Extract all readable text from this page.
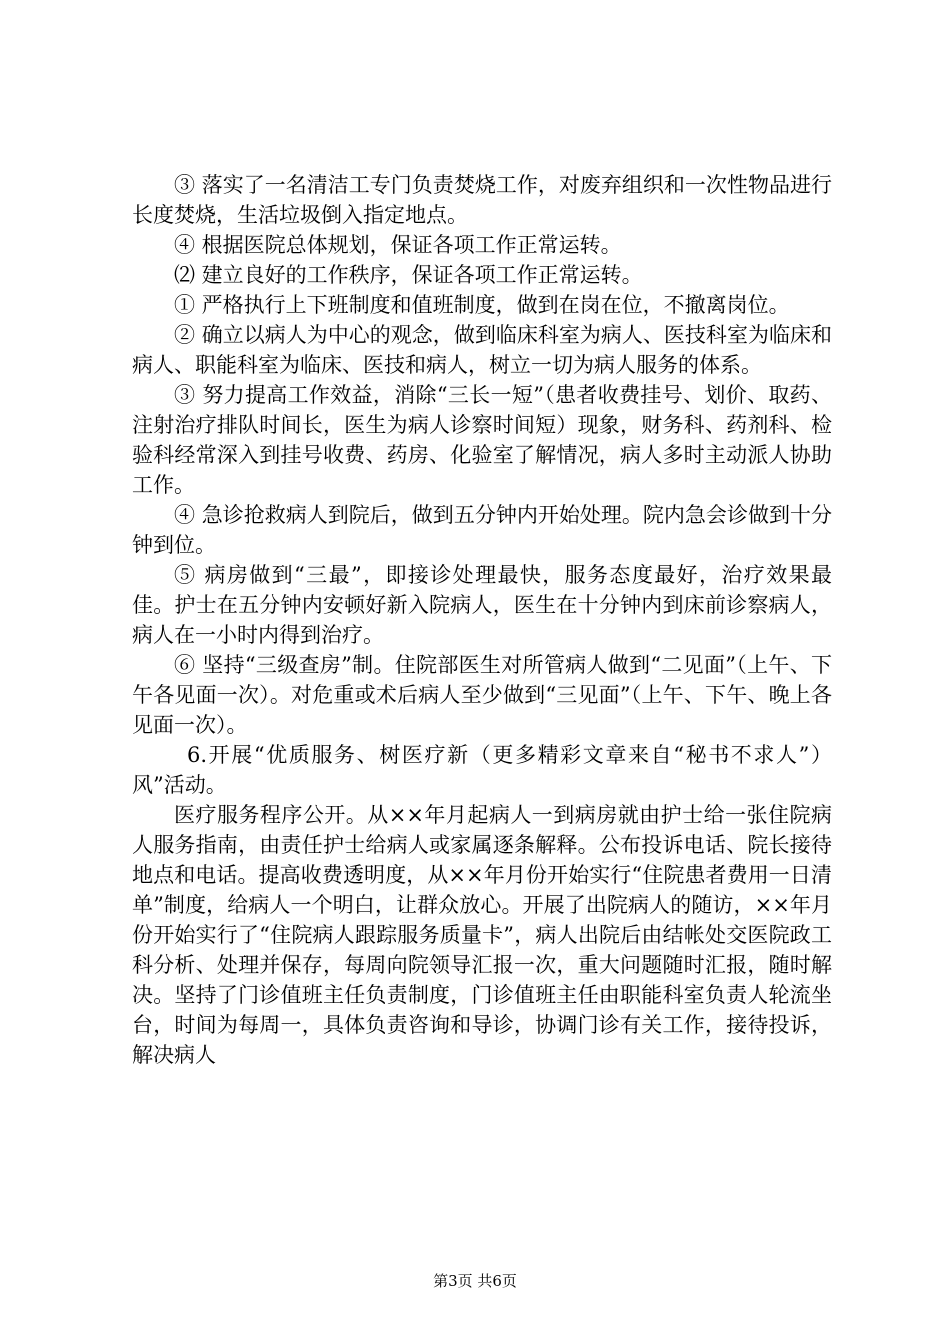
③ 落实了一名清洁工专门负责焚烧工作，对废弃组织和一次性物品进行长度焚烧，生活垃圾倒入指定地点。

④ 根据医院总体规划，保证各项工作正常运转。

⑵ 建立良好的工作秩序，保证各项工作正常运转。

① 严格执行上下班制度和值班制度，做到在岗在位，不撤离岗位。

② 确立以病人为中心的观念，做到临床科室为病人、医技科室为临床和病人、职能科室为临床、医技和病人，树立一切为病人服务的体系。

③ 努力提高工作效益，消除“三长一短”（患者收费挂号、划价、取药、注射治疗排队时间长，医生为病人诊察时间短）现象，财务科、药剂科、检验科经常深入到挂号收费、药房、化验室了解情况，病人多时主动派人协助工作。

④ 急诊抢救病人到院后，做到五分钟内开始处理。院内急会诊做到十分钟到位。

⑤ 病房做到“三最”，即接诊处理最快，服务态度最好，治疗效果最佳。护士在五分钟内安顿好新入院病人，医生在十分钟内到床前诊察病人，病人在一小时内得到治疗。

⑥ 坚持“三级查房”制。住院部医生对所管病人做到“二见面”（上午、下午各见面一次）。对危重或术后病人至少做到“三见面”（上午、下午、晚上各见面一次）。

6.开展“优质服务、树医疗新（更多精彩文章来自“秘书不求人”）风”活动。

医疗服务程序公开。从××年月起病人一到病房就由护士给一张住院病人服务指南，由责任护士给病人或家属逐条解释。公布投诉电话、院长接待地点和电话。提高收费透明度，从××年月份开始实行“住院患者费用一日清单”制度，给病人一个明白，让群众放心。开展了出院病人的随访，××年月份开始实行了“住院病人跟踪服务质量卡”，病人出院后由结帐处交医院政工科分析、处理并保存，每周向院领导汇报一次，重大问题随时汇报，随时解决。坚持了门诊值班主任负责制度，门诊值班主任由职能科室负责人轮流坐台，时间为每周一，具体负责咨询和导诊，协调门诊有关工作，接待投诉，解决病人

第3页 共6页
